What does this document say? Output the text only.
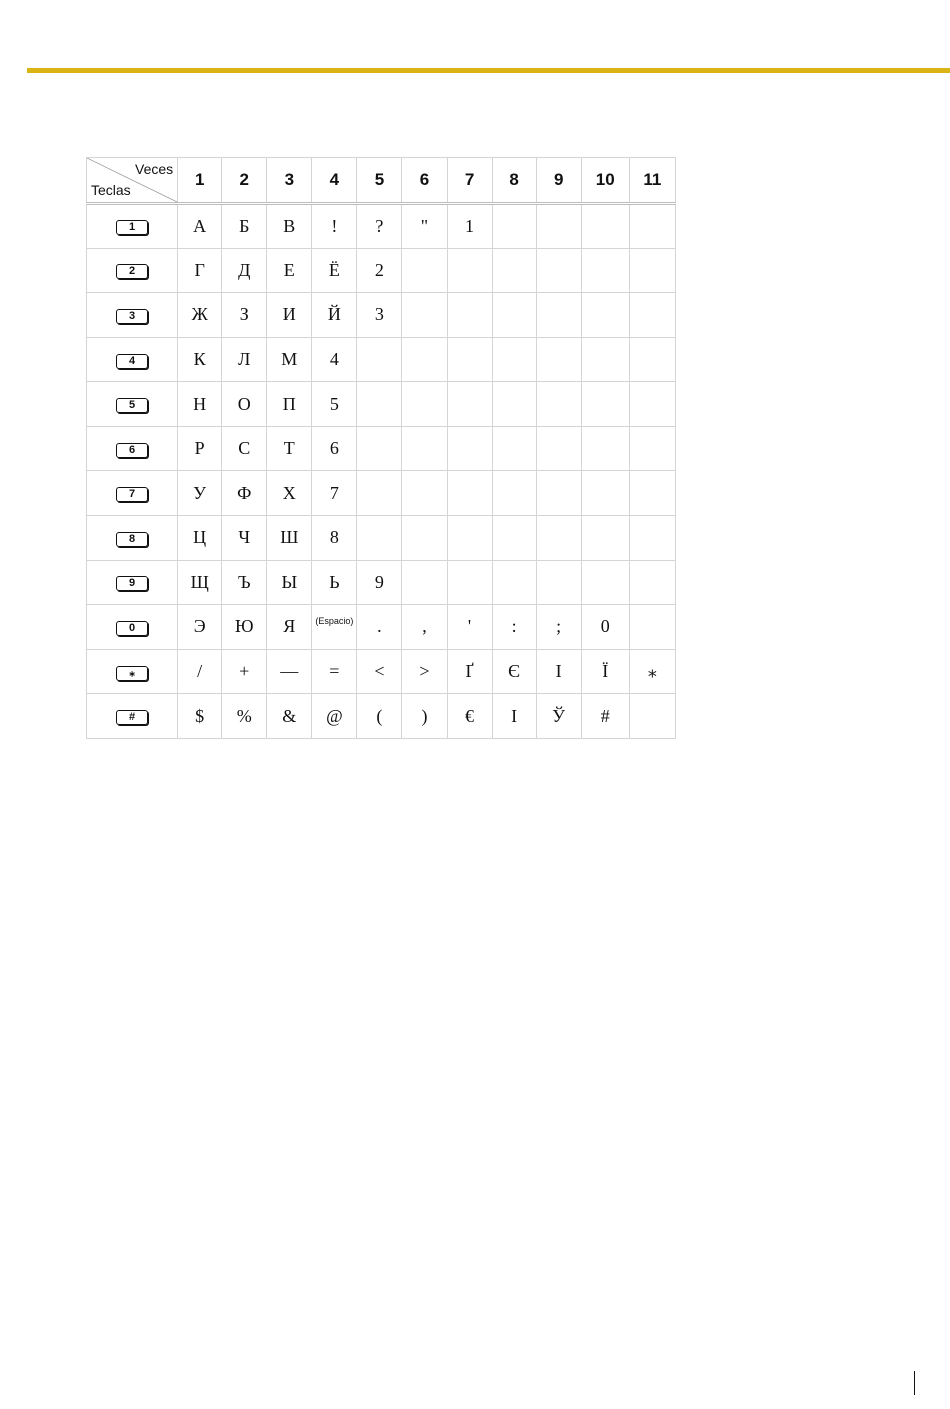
Veces
Teclas	1	2	3	4	5	6	7	8	9	10	11
1	А	Б	В	!	?	"	1				
2	Г	Д	Е	Ё	2						
3	Ж	З	И	Й	3						
4	К	Л	М	4							
5	Н	О	П	5							
6	Р	С	Т	6							
7	У	Ф	Х	7							
8	Ц	Ч	Ш	8							
9	Щ	Ъ	Ы	Ь	9						
0	Э	Ю	Я	(Espacio)	.	,	'	:	;	0	
⁎	/	+	—	=	<	>	Ґ	Є	І	Ї	⁎
#	$	%	&	@	(	)	€	I	Ў	#	
